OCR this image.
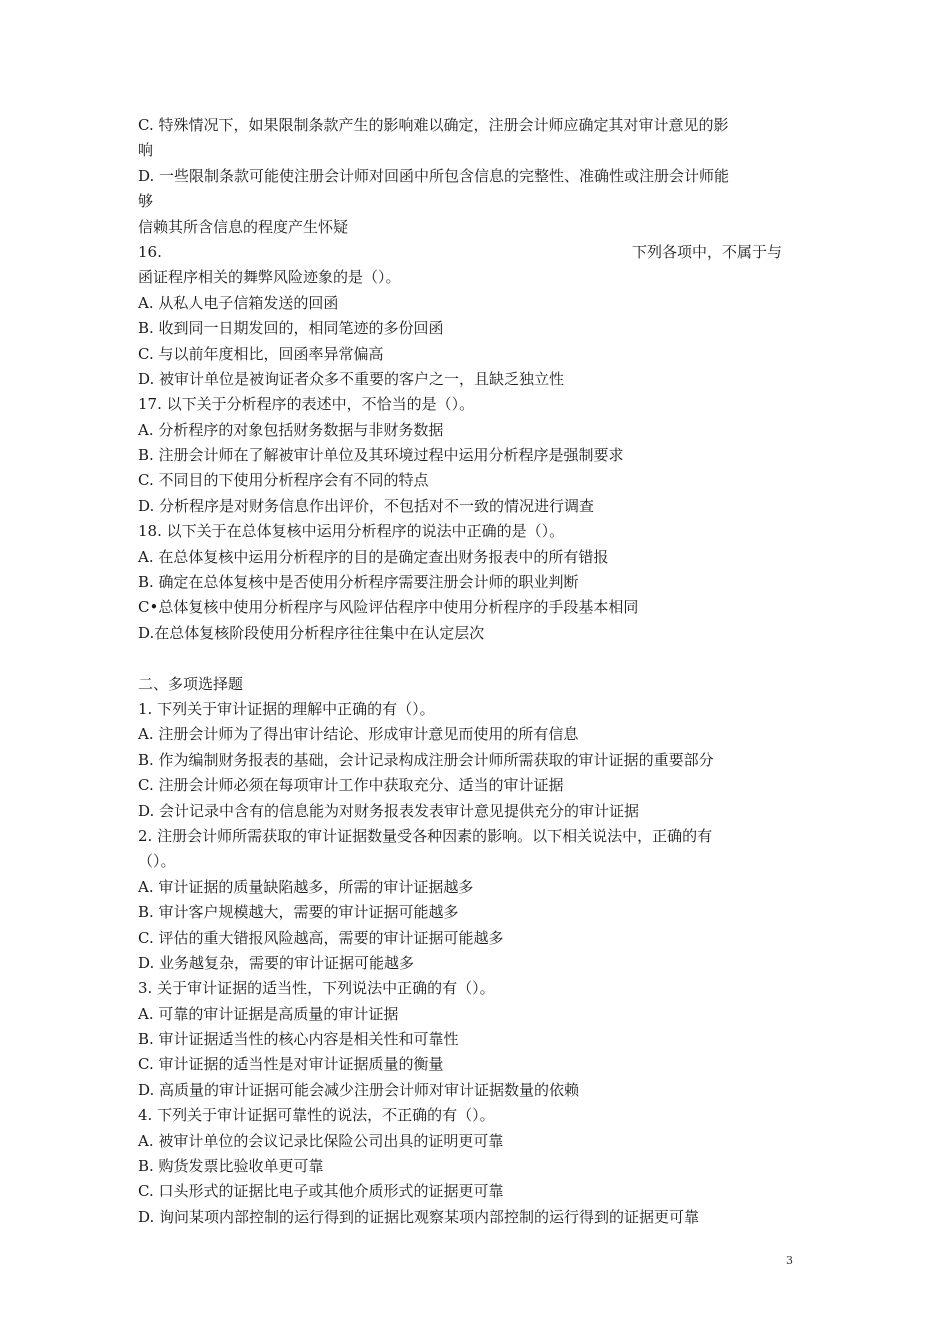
C. 特殊情况下，如果限制条款产生的影响难以确定，注册会计师应确定其对审计意见的影
响
D. 一些限制条款可能使注册会计师对回函中所包含信息的完整性、准确性或注册会计师能
够
信赖其所含信息的程度产生怀疑
16.	下列各项中，不属于与
函证程序相关的舞弊风险迹象的是（）。
A. 从私人电子信箱发送的回函
B. 收到同一日期发回的，相同笔迹的多份回函
C. 与以前年度相比，回函率异常偏高
D. 被审计单位是被询证者众多不重要的客户之一，且缺乏独立性
17. 以下关于分析程序的表述中，不恰当的是（）。
A. 分析程序的对象包括财务数据与非财务数据
B. 注册会计师在了解被审计单位及其环境过程中运用分析程序是强制要求
C. 不同目的下使用分析程序会有不同的特点
D. 分析程序是对财务信息作出评价，不包括对不一致的情况进行调查
18. 以下关于在总体复核中运用分析程序的说法中正确的是（）。
A. 在总体复核中运用分析程序的目的是确定查出财务报表中的所有错报
B. 确定在总体复核中是否使用分析程序需要注册会计师的职业判断
C•总体复核中使用分析程序与风险评估程序中使用分析程序的手段基本相同
D.在总体复核阶段使用分析程序往往集中在认定层次
二、多项选择题
1. 下列关于审计证据的理解中正确的有（）。
A. 注册会计师为了得出审计结论、形成审计意见而使用的所有信息
B. 作为编制财务报表的基础，会计记录构成注册会计师所需获取的审计证据的重要部分
C. 注册会计师必须在每项审计工作中获取充分、适当的审计证据
D. 会计记录中含有的信息能为对财务报表发表审计意见提供充分的审计证据
2. 注册会计师所需获取的审计证据数量受各种因素的影响。以下相关说法中，正确的有
（）。
A. 审计证据的质量缺陷越多，所需的审计证据越多
B. 审计客户规模越大，需要的审计证据可能越多
C. 评估的重大错报风险越高，需要的审计证据可能越多
D. 业务越复杂，需要的审计证据可能越多
3. 关于审计证据的适当性，下列说法中正确的有（）。
A. 可靠的审计证据是高质量的审计证据
B. 审计证据适当性的核心内容是相关性和可靠性
C. 审计证据的适当性是对审计证据质量的衡量
D. 高质量的审计证据可能会减少注册会计师对审计证据数量的依赖
4. 下列关于审计证据可靠性的说法，不正确的有（）。
A. 被审计单位的会议记录比保险公司出具的证明更可靠
B. 购货发票比验收单更可靠
C. 口头形式的证据比电子或其他介质形式的证据更可靠
D. 询问某项内部控制的运行得到的证据比观察某项内部控制的运行得到的证据更可靠
3
